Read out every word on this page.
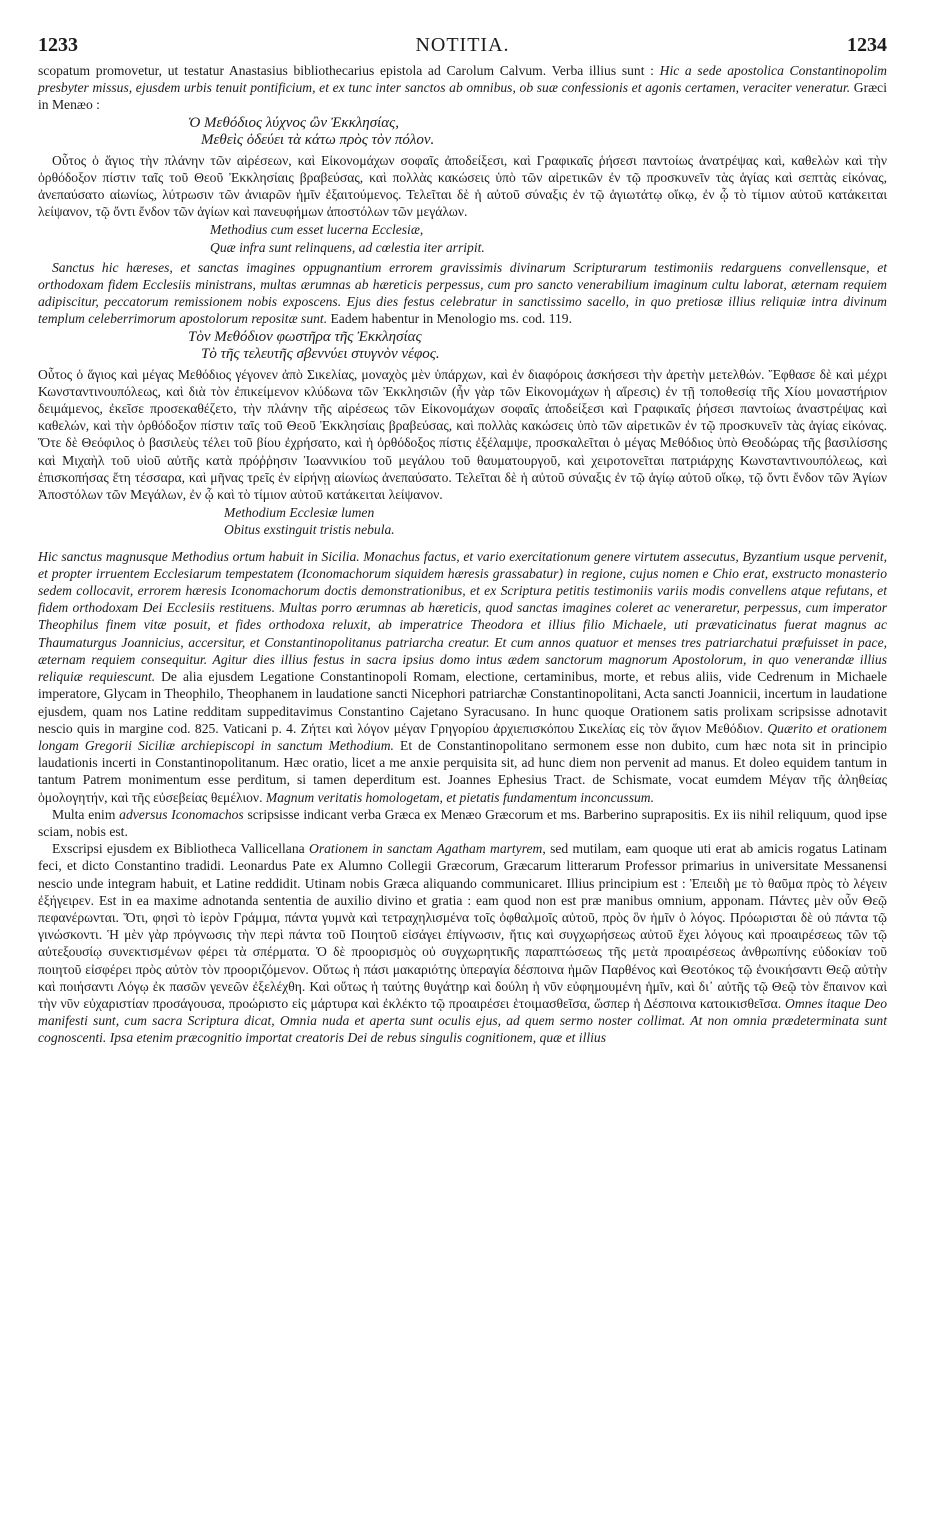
1233	NOTITIA.	1234

scopatum promovetur, ut testatur Anastasius bibliothecarius epistola ad Carolum Calvum. Verba illius sunt : Hic a sede apostolica Constantinopolim presbyter missus, ejusdem urbis tenuit pontificium, et ex tunc inter sanctos ab omnibus, ob suæ confessionis et agonis certamen, veraciter veneratur. Græci in Menæo :

Ὁ Μεθόδιος λύχνος ὢν Ἐκκλησίας,
Μεθεὶς ὁδεύει τὰ κάτω πρὸς τὸν πόλον.

Οὗτος ὁ ἅγιος τὴν πλάνην τῶν αἱρέσεων, καὶ Εἰκονομάχων σοφαῖς ἀποδείξεσι, καὶ Γραφικαῖς ῥήσεσι παντοίως ἀνατρέψας καὶ, καθελὼν καὶ τὴν ὀρθόδοξον πίστιν ταῖς τοῦ Θεοῦ Ἐκκλησίαις βραβεύσας, καὶ πολλὰς κακώσεις ὑπὸ τῶν αἱρετικῶν ἐν τῷ προσκυνεῖν τὰς ἁγίας καὶ σεπτὰς εἰκόνας, ἀνεπαύσατο αἰωνίως, λύτρωσιν τῶν ἀνιαρῶν ἡμῖν ἐξαιτούμενος. Τελεῖται δὲ ἡ αὐτοῦ σύναξις ἐν τῷ ἁγιωτάτῳ οἴκῳ, ἐν ᾧ τὸ τίμιον αὐτοῦ κατάκειται λείψανον, τῷ ὄντι ἔνδον τῶν ἁγίων καὶ πανευφήμων ἀποστόλων τῶν μεγάλων.

Methodius cum esset lucerna Ecclesiæ,
Quæ infra sunt relinquens, ad cœlestia iter arripit.

Sanctus hic hæreses, et sanctas imagines oppugnantium errorem gravissimis divinarum Scripturarum testimoniis redarguens convellensque, et orthodoxam fidem Ecclesiis ministrans, multas ærumnas ab hæreticis perpessus, cum pro sancto venerabilium imaginum cultu laborat, æternam requiem adipiscitur, peccatorum remissionem nobis exposcens. Ejus dies festus celebratur in sanctissimo sacello, in quo pretiosæ illius reliquiæ intra divinum templum celeberrimorum apostolorum repositæ sunt. Eadem habentur in Menologio ms. cod. 119.

Τὸν Μεθόδιον φωστῆρα τῆς Ἐκκλησίας
Τὸ τῆς τελευτῆς σβεννύει στυγνὸν νέφος.

Οὗτος ὁ ἅγιος καὶ μέγας Μεθόδιος γέγονεν ἀπὸ Σικελίας, μοναχὸς μὲν ὑπάρχων, καὶ ἐν διαφόροις ἀσκήσεσι τὴν ἀρετὴν μετελθών. Ἔφθασε δὲ καὶ μέχρι Κωνσταντινουπόλεως, καὶ διὰ τὸν ἐπικείμενον κλύδωνα τῶν Ἐκκλησιῶν (ἦν γὰρ τῶν Εἰκονομάχων ἡ αἵρεσις) ἐν τῇ τοποθεσίᾳ τῆς Χίου μοναστήριον δειμάμενος, ἐκεῖσε προσεκαθέζετο, τὴν πλάνην τῆς αἱρέσεως τῶν Εἰκονομάχων σοφαῖς ἀποδείξεσι καὶ Γραφικαῖς ῥήσεσι παντοίως ἀναστρέψας καὶ καθελών, καὶ τὴν ὀρθόδοξον πίστιν ταῖς τοῦ Θεοῦ Ἐκκλησίαις βραβεύσας, καὶ πολλὰς κακώσεις ὑπὸ τῶν αἱρετικῶν ἐν τῷ προσκυνεῖν τὰς ἁγίας εἰκόνας. Ὅτε δὲ Θεόφιλος ὁ βασιλεὺς τέλει τοῦ βίου ἐχρήσατο, καὶ ἡ ὀρθόδοξος πίστις ἐξέλαμψε, προσκαλεῖται ὁ μέγας Μεθόδιος ὑπὸ Θεοδώρας τῆς βασιλίσσης καὶ Μιχαὴλ τοῦ υἱοῦ αὐτῆς κατὰ πρόῤῥησιν Ἰωαννικίου τοῦ μεγάλου τοῦ θαυματουργοῦ, καὶ χειροτονεῖται πατριάρχης Κωνσταντινουπόλεως, καὶ ἐπισκοπήσας ἔτη τέσσαρα, καὶ μῆνας τρεῖς ἐν εἰρήνῃ αἰωνίως ἀνεπαύσατο. Τελεῖται δὲ ἡ αὐτοῦ σύναξις ἐν τῷ ἁγίῳ αὐτοῦ οἴκῳ, τῷ ὄντι ἔνδον τῶν Ἁγίων Ἀποστόλων τῶν Μεγάλων, ἐν ᾧ καὶ τὸ τίμιον αὐτοῦ κατάκειται λείψανον.

Methodium Ecclesiæ lumen
Obitus exstinguit tristis nebula.

Hic sanctus magnusque Methodius ortum habuit in Sicilia. Monachus factus, et vario exercitationum genere virtutem assecutus, Byzantium usque pervenit, et propter irruentem Ecclesiarum tempestatem (Iconomachorum siquidem hæresis grassabatur) in regione, cujus nomen e Chio erat, exstructo monasterio sedem collocavit, errorem hæresis Iconomachorum doctis demonstrationibus, et ex Scriptura petitis testimoniis variis modis convellens atque refutans, et fidem orthodoxam Dei Ecclesiis restituens. Multas porro ærumnas ab hæreticis, quod sanctas imagines coleret ac veneraretur, perpessus, cum imperator Theophilus finem vitæ posuit, et fides orthodoxa reluxit, ab imperatrice Theodora et illius filio Michaele, uti prævaticinatus fuerat magnus ac Thaumaturgus Joannicius, accersitur, et Constantinopolitanus patriarcha creatur. Et cum annos quatuor et menses tres patriarchatui præfuisset in pace, æternam requiem consequitur. Agitur dies illius festus in sacra ipsius domo intus ædem sanctorum magnorum Apostolorum, in quo venerandæ illius reliquiæ requiescunt. De alia ejusdem Legatione Constantinopoli Romam, electione, certaminibus, morte, et rebus aliis, vide Cedrenum in Michaele imperatore, Glycam in Theophilo, Theophanem in laudatione sancti Nicephori patriarchæ Constantinopolitani, Acta sancti Joannicii, incertum in laudatione ejusdem, quam nos Latine redditam suppeditavimus Constantino Cajetano Syracusano. In hunc quoque Orationem satis prolixam scripsisse adnotavit nescio quis in margine cod. 825. Vaticani p. 4. Ζήτει καὶ λόγον μέγαν Γρηγορίου ἀρχιεπισκόπου Σικελίας εἰς τὸν ἅγιον Μεθόδιον. Quærito et orationem longam Gregorii Siciliæ archiepiscopi in sanctum Methodium. Et de Constantinopolitano sermonem esse non dubito, cum hæc nota sit in principio laudationis incerti in Constantinopolitanum. Hæc oratio, licet a me anxie perquisita sit, ad hunc diem non pervenit ad manus. Et doleo equidem tantum in tantum Patrem monimentum esse perditum, si tamen deperditum est. Joannes Ephesius Tract. de Schismate, vocat eumdem Μέγαν τῆς ἀληθείας ὁμολογητήν, καὶ τῆς εὐσεβείας θεμέλιον. Magnum veritatis homologetam, et pietatis fundamentum inconcussum.

Multa enim adversus Iconomachos scripsisse indicant verba Græca ex Menæo Græcorum et ms. Barberino suprapositis. Ex iis nihil reliquum, quod ipse sciam, nobis est.

Exscripsi ejusdem ex Bibliotheca Vallicellana Orationem in sanctam Agatham martyrem, sed mutilam, eam quoque uti erat ab amicis rogatus Latinam feci, et dicto Constantino tradidi. Leonardus Pate ex Alumno Collegii Græcorum, Græcarum litterarum Professor primarius in universitate Messanensi nescio unde integram habuit, et Latine reddidit. Utinam nobis Græca aliquando communicaret. Illius principium est : Ἐπειδὴ με τὸ θαῦμα πρὸς τὸ λέγειν ἐξήγειρεν. Est in ea maxime adnotanda sententia de auxilio divino et gratia : eam quod non est præ manibus omnium, apponam. Πάντες μὲν οὖν Θεῷ πεφανέρωνται. Ὅτι, φησὶ τὸ ἱερὸν Γράμμα, πάντα γυμνὰ καὶ τετραχηλισμένα τοῖς ὀφθαλμοῖς αὐτοῦ, πρὸς ὃν ἡμῖν ὁ λόγος. Πρόωρισται δὲ οὐ πάντα τῷ γινώσκοντι. Ἡ μὲν γὰρ πρόγνωσις τὴν περὶ πάντα τοῦ Ποιητοῦ εἰσάγει ἐπίγνωσιν, ἥτις καὶ συγχωρήσεως αὐτοῦ ἔχει λόγους καὶ προαιρέσεως τῶν τῷ αὐτεξουσίῳ συνεκτισμένων φέρει τὰ σπέρματα. Ὁ δὲ προορισμὸς οὐ συγχωρητικῆς παραπτώσεως τῆς μετὰ προαιρέσεως ἀνθρωπίνης εὐδοκίαν τοῦ ποιητοῦ εἰσφέρει πρὸς αὐτὸν τὸν προοριζόμενον. Οὕτως ἡ πάσι μακαριότης ὑπεραγία δέσποινα ἡμῶν Παρθένος καὶ Θεοτόκος τῷ ἐνοικήσαντι Θεῷ αὐτὴν καὶ ποιήσαντι Λόγῳ ἐκ πασῶν γενεῶν ἐξελέχθη. Καὶ οὕτως ἡ ταύτης θυγάτηρ καὶ δούλη ἡ νῦν εὐφημουμένη ἡμῖν, καὶ δι᾽ αὐτῆς τῷ Θεῷ τὸν ἔπαινον καὶ τὴν νῦν εὐχαριστίαν προσάγουσα, προώριστο εἰς μάρτυρα καὶ ἐκλέκτο τῷ προαιρέσει ἑτοιμασθεῖσα, ὥσπερ ἡ Δέσποινα κατοικισθεῖσα. Omnes itaque Deo manifesti sunt, cum sacra Scriptura dicat, Omnia nuda et aperta sunt oculis ejus, ad quem sermo noster collimat. At non omnia prædeterminata sunt cognoscenti. Ipsa etenim præcognitio importat creatoris Dei de rebus singulis cognitionem, quæ et illius
